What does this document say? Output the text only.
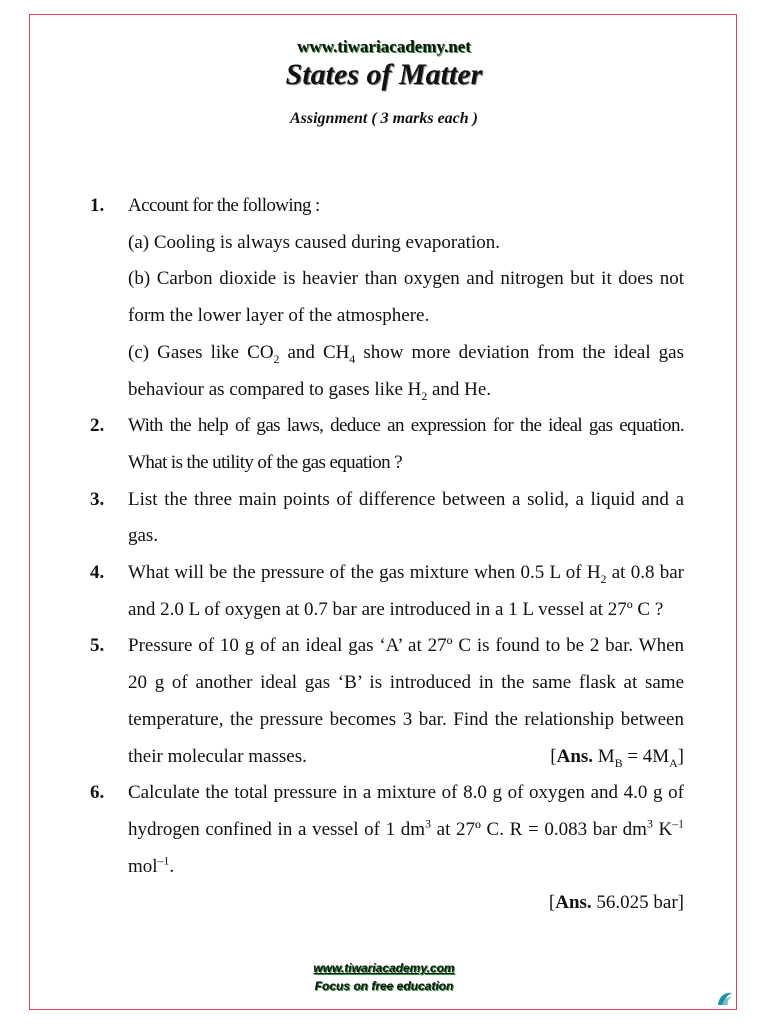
www.tiwariacademy.net
States of Matter
Assignment ( 3 marks each )
1. Account for the following :
(a) Cooling is always caused during evaporation.
(b) Carbon dioxide is heavier than oxygen and nitrogen but it does not form the lower layer of the atmosphere.
(c) Gases like $CO_2$ and $CH_4$ show more deviation from the ideal gas behaviour as compared to gases like $H_2$ and He.
2. With the help of gas laws, deduce an expression for the ideal gas equation. What is the utility of the gas equation ?
3. List the three main points of difference between a solid, a liquid and a gas.
4. What will be the pressure of the gas mixture when 0.5 L of $H_2$ at 0.8 bar and 2.0 L of oxygen at 0.7 bar are introduced in a 1 L vessel at 27º C ?
5. Pressure of 10 g of an ideal gas ‘A’ at 27º C is found to be 2 bar. When 20 g of another ideal gas ‘B’ is introduced in the same flask at same temperature, the pressure becomes 3 bar. Find the relationship between their molecular masses.	[Ans. $M_B = 4M_A$]
6. Calculate the total pressure in a mixture of 8.0 g of oxygen and 4.0 g of hydrogen confined in a vessel of 1 $dm^3$ at 27º C. R = 0.083 bar $dm^3$ $K^{-1}$ mol$^{-1}$.
[Ans. 56.025 bar]
www.tiwariacademy.com
Focus on free education
